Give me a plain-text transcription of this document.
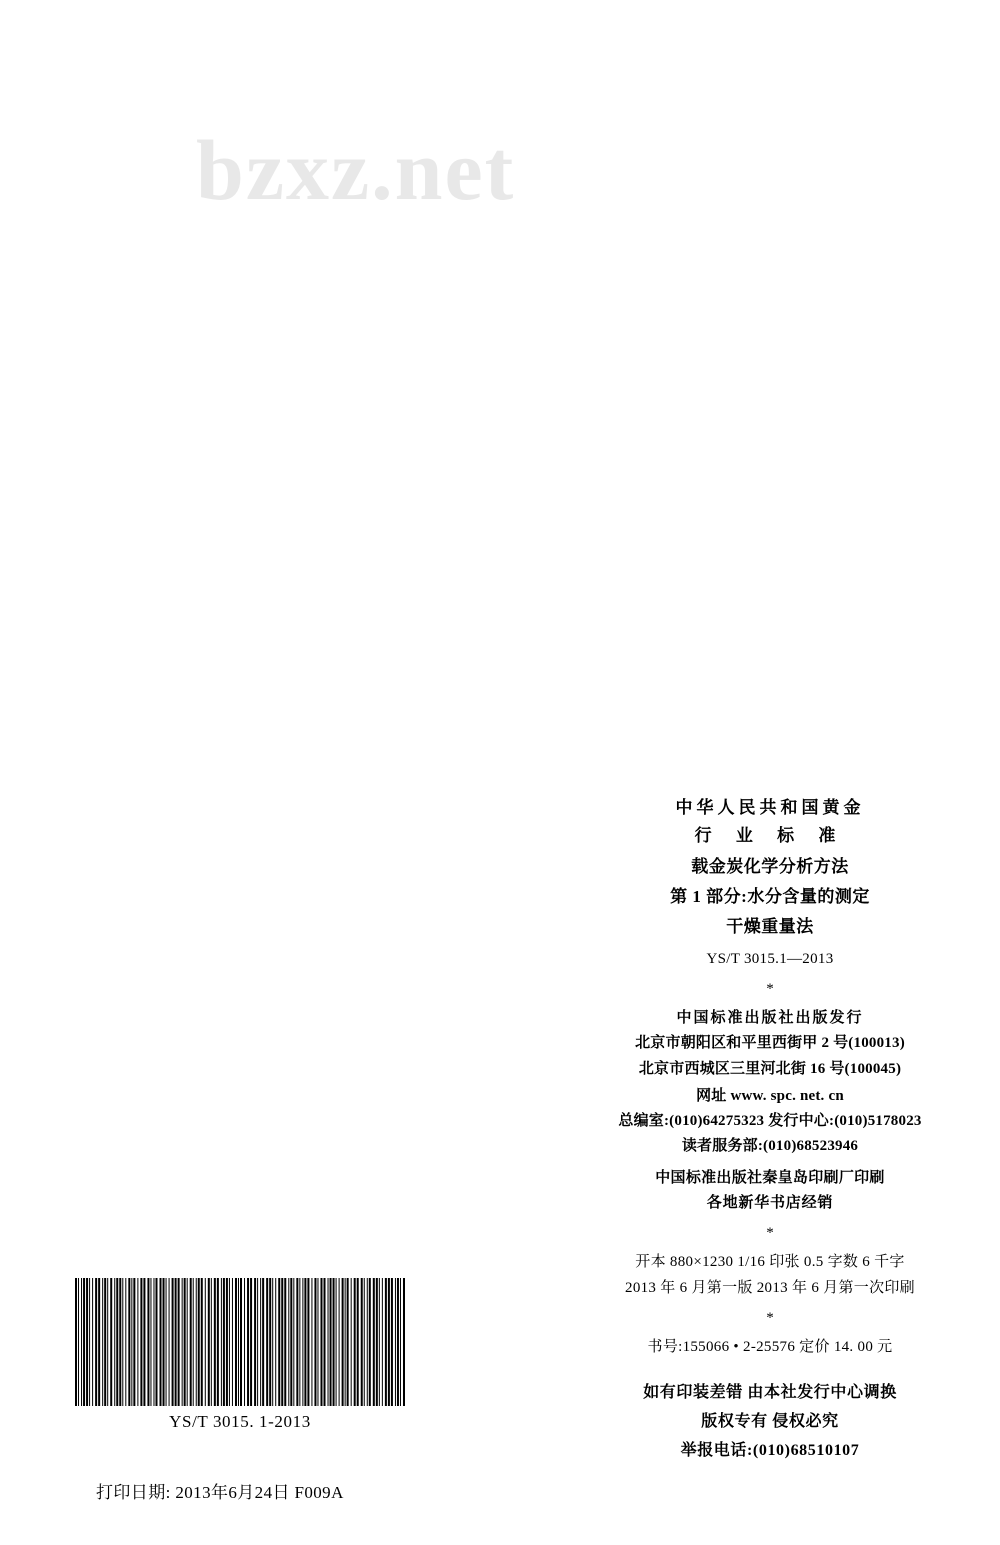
bzxz.net
中华人民共和国黄金
行 业 标 准
载金炭化学分析方法
第 1 部分:水分含量的测定
干燥重量法
YS/T 3015.1—2013
*
中国标准出版社出版发行
北京市朝阳区和平里西街甲 2 号(100013)
北京市西城区三里河北街 16 号(100045)
网址 www. spc. net. cn
总编室:(010)64275323 发行中心:(010)5178023
读者服务部:(010)68523946
中国标准出版社秦皇岛印刷厂印刷
各地新华书店经销
*
开本 880×1230 1/16 印张 0.5 字数 6 千字
2013 年 6 月第一版 2013 年 6 月第一次印刷
*
书号:155066 • 2-25576 定价 14. 00 元
如有印装差错 由本社发行中心调换
版权专有 侵权必究
举报电话:(010)68510107
YS/T 3015. 1-2013
打印日期: 2013年6月24日 F009A
